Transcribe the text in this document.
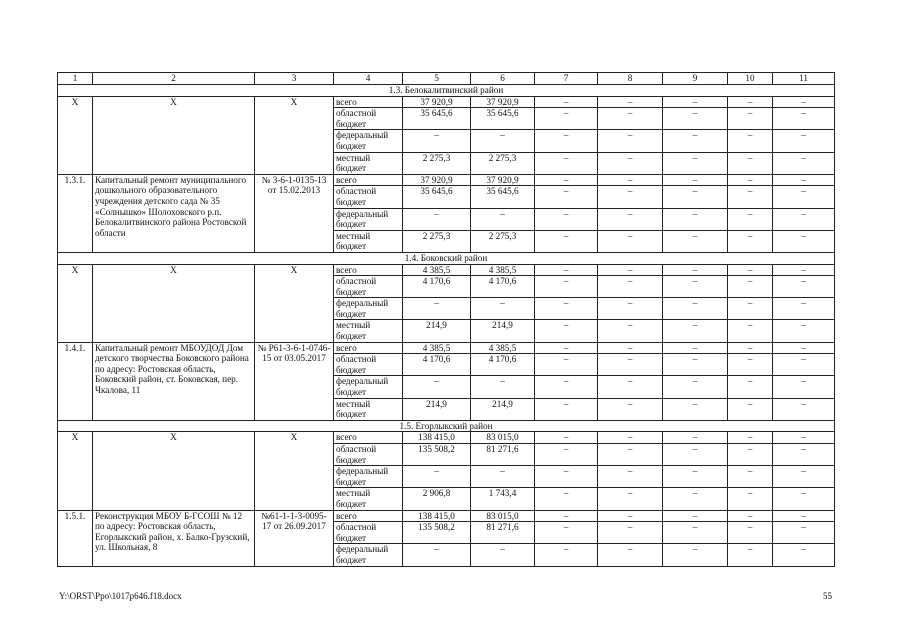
1	2	3	4	5	6	7	8	9	10	11
1.3. Белокалитвинский район										
X	X	X	всего	37 920,9	37 920,9	–	–	–	–	–
			областной бюджет	35 645,6	35 645,6	–	–	–	–	–
			федеральный бюджет	–	–	–	–	–	–	–
			местный бюджет	2 275,3	2 275,3	–	–	–	–	–
1.3.1.	Капитальный ремонт муниципального дошкольного образовательного учреждения детского сада № 35 «Солнышко» Шолоховского р.п. Белокалитвинского района Ростовской области	№ 3-6-1-0135-13 от 15.02.2013	всего	37 920,9	37 920,9	–	–	–	–	–
			областной бюджет	35 645,6	35 645,6	–	–	–	–	–
			федеральный бюджет	–	–	–	–	–	–	–
			местный бюджет	2 275,3	2 275,3	–	–	–	–	–
1.4. Боковский район										
X	X	X	всего	4 385,5	4 385,5	–	–	–	–	–
			областной бюджет	4 170,6	4 170,6	–	–	–	–	–
			федеральный бюджет	–	–	–	–	–	–	–
			местный бюджет	214,9	214,9	–	–	–	–	–
1.4.1.	Капитальный ремонт МБОУДОД Дом детского творчества Боковского района по адресу: Ростовская область, Боковский район, ст. Боковская, пер. Чкалова, 11	№ Р61-3-6-1-0746-15 от 03.05.2017	всего	4 385,5	4 385,5	–	–	–	–	–
			областной бюджет	4 170,6	4 170,6	–	–	–	–	–
			федеральный бюджет	–	–	–	–	–	–	–
			местный бюджет	214,9	214,9	–	–	–	–	–
1.5. Егорлыкский район										
X	X	X	всего	138 415,0	83 015,0	–	–	–	–	–
			областной бюджет	135 508,2	81 271,6	–	–	–	–	–
			федеральный бюджет	–	–	–	–	–	–	–
			местный бюджет	2 906,8	1 743,4	–	–	–	–	–
1.5.1.	Реконструкция МБОУ Б-ГСОШ № 12 по адресу: Ростовская область, Егорлыкский район, х. Балко-Грузский, ул. Школьная, 8	№61-1-1-3-0095-17 от 26.09.2017	всего	138 415,0	83 015,0	–	–	–	–	–
			областной бюджет	135 508,2	81 271,6	–	–	–	–	–
			федеральный бюджет	–	–	–	–	–	–	–
Y:\ORST\Ppo\1017p646.f18.docx	55
